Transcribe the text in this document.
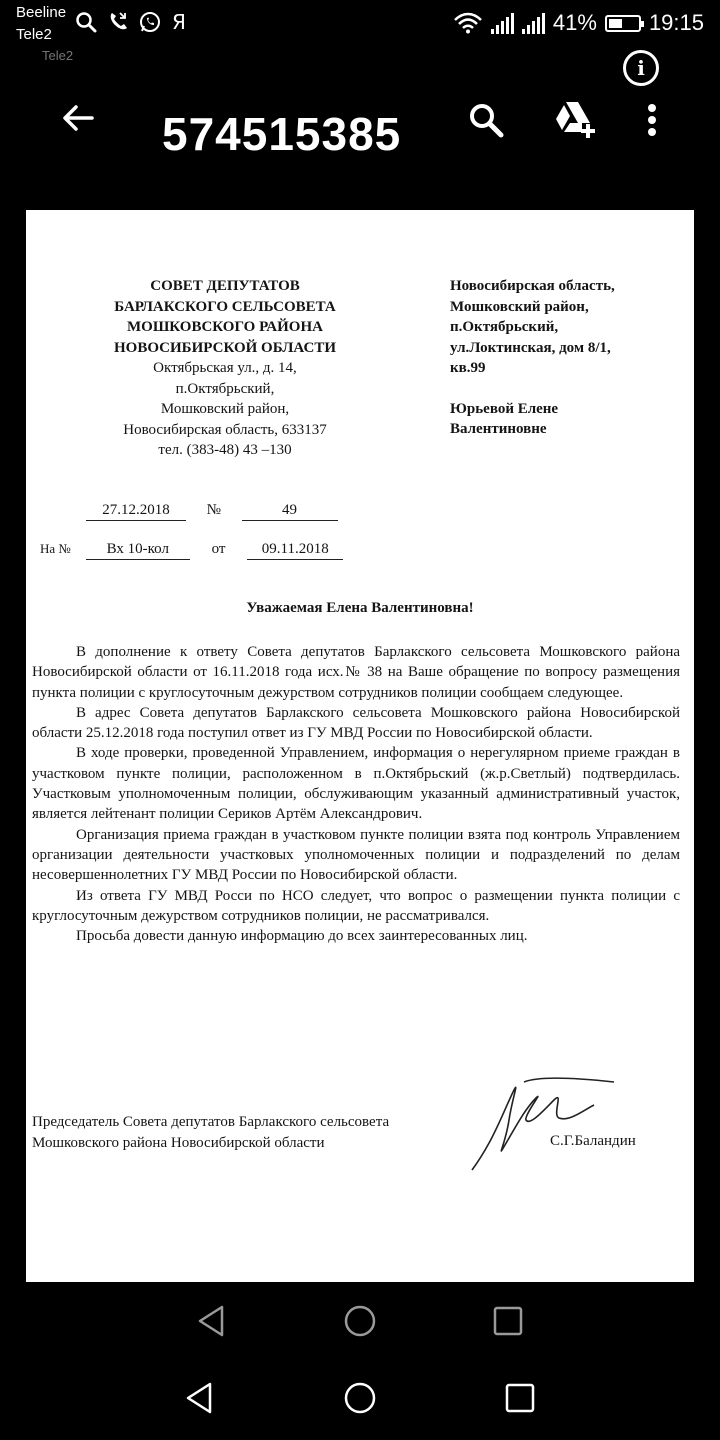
Beeline
Tele2
Я	41% 19:15
Tele2
i
574515385
СОВЕТ ДЕПУТАТОВ
БАРЛАКСКОГО СЕЛЬСОВЕТА
МОШКОВСКОГО РАЙОНА
НОВОСИБИРСКОЙ ОБЛАСТИ
Октябрьская ул., д. 14,
п.Октябрьский,
Мошковский район,
Новосибирская область, 633137
тел. (383-48) 43 –130
Новосибирская область,
Мошковский район,
п.Октябрьский,
ул.Локтинская, дом 8/1,
кв.99
Юрьевой Елене
Валентиновне
27.12.2018 №	49
На № Вх 10-кол	от 09.11.2018
Уважаемая Елена Валентиновна!

В дополнение к ответу Совета депутатов Барлакского сельсовета Мошковского района Новосибирской области от 16.11.2018 года исх.№ 38 на Ваше обращение по вопросу размещения пункта полиции с круглосуточным дежурством сотрудников полиции сообщаем следующее.

В адрес Совета депутатов Барлакского сельсовета Мошковского района Новосибирской области 25.12.2018 года поступил ответ из ГУ МВД России по Новосибирской области.

В ходе проверки, проведенной Управлением, информация о нерегулярном приеме граждан в участковом пункте полиции, расположенном в п.Октябрьский (ж.р.Светлый) подтвердилась. Участковым уполномоченным полиции, обслуживающим указанный административный участок, является лейтенант полиции Сериков Артём Александрович.

Организация приема граждан в участковом пункте полиции взята под контроль Управлением организации деятельности участковых уполномоченных полиции и подразделений по делам несовершеннолетних ГУ МВД России по Новосибирской области.

Из ответа ГУ МВД Росси по НСО следует, что вопрос о размещении пункта полиции с круглосуточным дежурством сотрудников полиции, не рассматривался.

Просьба довести данную информацию до всех заинтересованных лиц.

Председатель Совета депутатов Барлакского сельсовета
Мошковского района Новосибирской области	С.Г.Баландин
